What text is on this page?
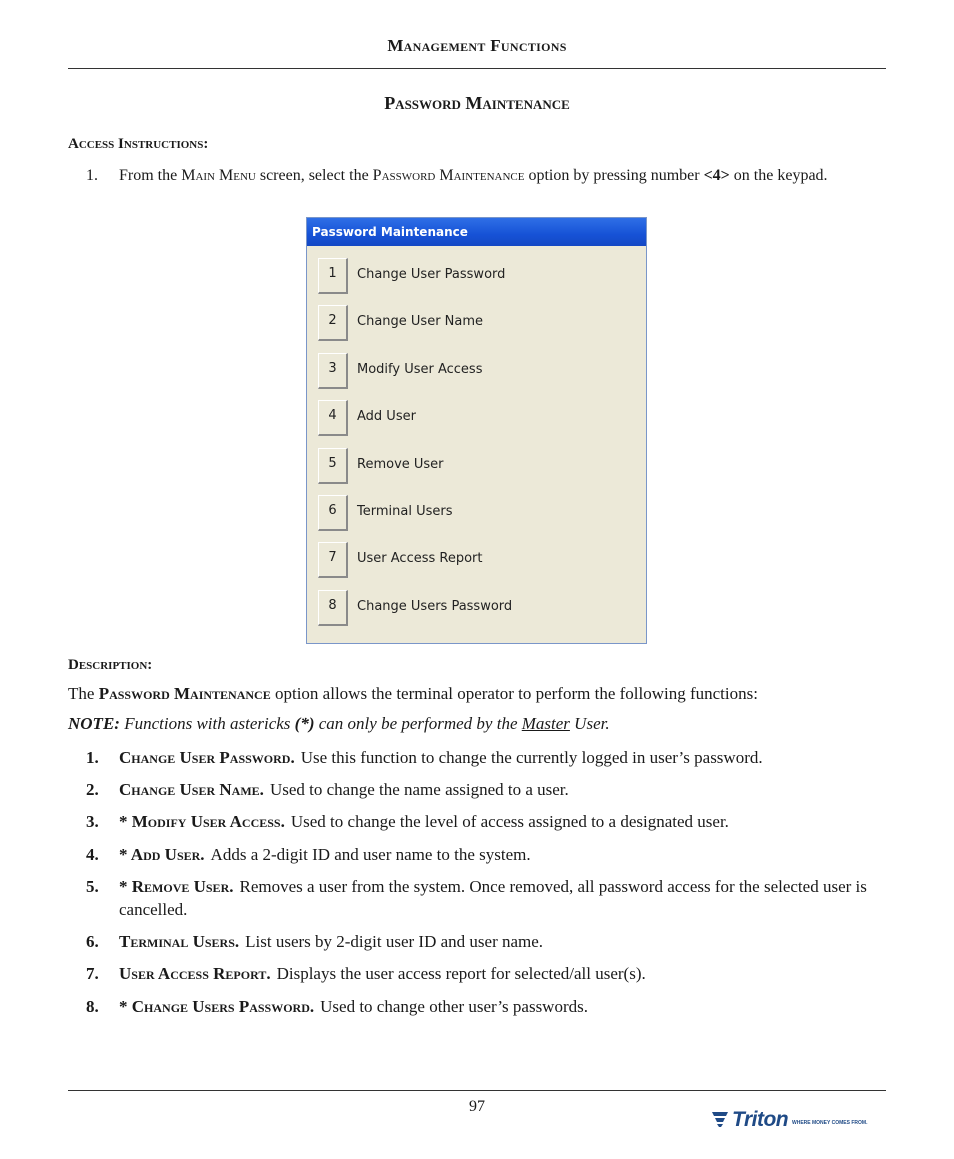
Management Functions
Password Maintenance
Access Instructions:
1. From the Main Menu screen, select the Password Maintenance option by pressing number <4> on the keypad.
Password Maintenance
1	Change User Password
2	Change User Name
3	Modify User Access
4	Add User
5	Remove User
6	Terminal Users
7	User Access Report
8	Change Users Password
Description:
The Password Maintenance option allows the terminal operator to perform the following functions:
NOTE: Functions with astericks (*) can only be performed by the Master User.
1. Change User Password. Use this function to change the currently logged in user’s password.
2. Change User Name. Used to change the name assigned to a user.
3. * Modify User Access. Used to change the level of access assigned to a designated user.
4. * Add User. Adds a 2-digit ID and user name to the system.
5. * Remove User. Removes a user from the system. Once removed, all password access for the selected user is cancelled.
6. Terminal Users. List users by 2-digit user ID and user name.
7. User Access Report. Displays the user access report for selected/all user(s).
8. * Change Users Password. Used to change other user’s passwords.
97
Triton WHERE MONEY COMES FROM.
